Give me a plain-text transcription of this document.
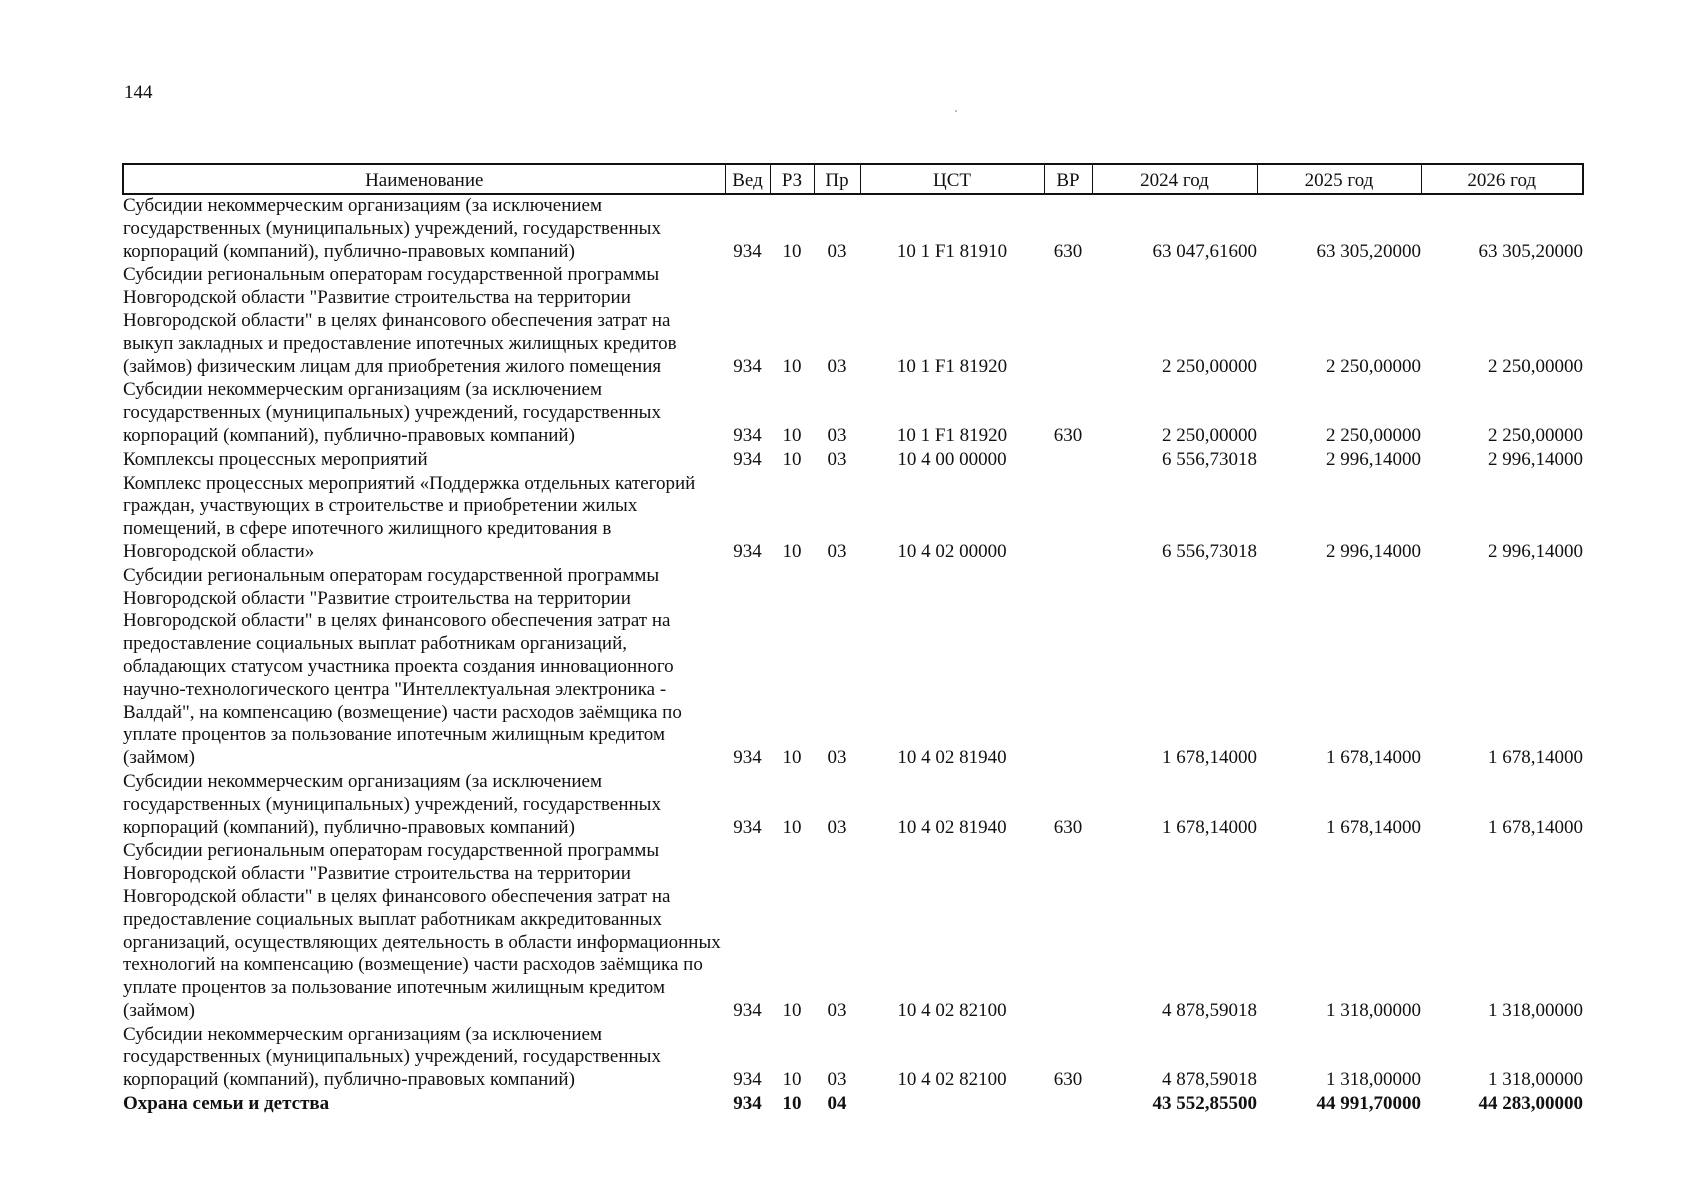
144
Наименование	Вед	РЗ	Пр	ЦСТ	ВР	2024 год	2025 год	2026 год
Субсидии некоммерческим организациям (за исключением государственных (муниципальных) учреждений, государственных корпораций (компаний), публично-правовых компаний)	934	10	03	10 1 F1 81910	630	63 047,61600	63 305,20000	63 305,20000
Субсидии региональным операторам государственной программы Новгородской области "Развитие строительства на территории Новгородской области" в целях финансового обеспечения затрат на выкуп закладных и предоставление ипотечных жилищных кредитов (займов) физическим лицам для приобретения жилого помещения	934	10	03	10 1 F1 81920		2 250,00000	2 250,00000	2 250,00000
Субсидии некоммерческим организациям (за исключением государственных (муниципальных) учреждений, государственных корпораций (компаний), публично-правовых компаний)	934	10	03	10 1 F1 81920	630	2 250,00000	2 250,00000	2 250,00000
Комплексы процессных мероприятий	934	10	03	10 4 00 00000		6 556,73018	2 996,14000	2 996,14000
Комплекс процессных мероприятий «Поддержка отдельных категорий граждан, участвующих в строительстве и приобретении жилых помещений, в сфере ипотечного жилищного кредитования в Новгородской области»	934	10	03	10 4 02 00000		6 556,73018	2 996,14000	2 996,14000
Субсидии региональным операторам государственной программы Новгородской области "Развитие строительства на территории Новгородской области" в целях финансового обеспечения затрат на предоставление социальных выплат работникам организаций, обладающих статусом участника проекта создания инновационного научно-технологического центра "Интеллектуальная электроника - Валдай", на компенсацию (возмещение) части расходов заёмщика по уплате процентов за пользование ипотечным жилищным кредитом (займом)	934	10	03	10 4 02 81940		1 678,14000	1 678,14000	1 678,14000
Субсидии некоммерческим организациям (за исключением государственных (муниципальных) учреждений, государственных корпораций (компаний), публично-правовых компаний)	934	10	03	10 4 02 81940	630	1 678,14000	1 678,14000	1 678,14000
Субсидии региональным операторам государственной программы Новгородской области "Развитие строительства на территории Новгородской области" в целях финансового обеспечения затрат на предоставление социальных выплат работникам аккредитованных организаций, осуществляющих деятельность в области информационных технологий на компенсацию (возмещение) части расходов заёмщика по уплате процентов за пользование ипотечным жилищным кредитом (займом)	934	10	03	10 4 02 82100		4 878,59018	1 318,00000	1 318,00000
Субсидии некоммерческим организациям (за исключением государственных (муниципальных) учреждений, государственных корпораций (компаний), публично-правовых компаний)	934	10	03	10 4 02 82100	630	4 878,59018	1 318,00000	1 318,00000
Охрана семьи и детства	934	10	04			43 552,85500	44 991,70000	44 283,00000
